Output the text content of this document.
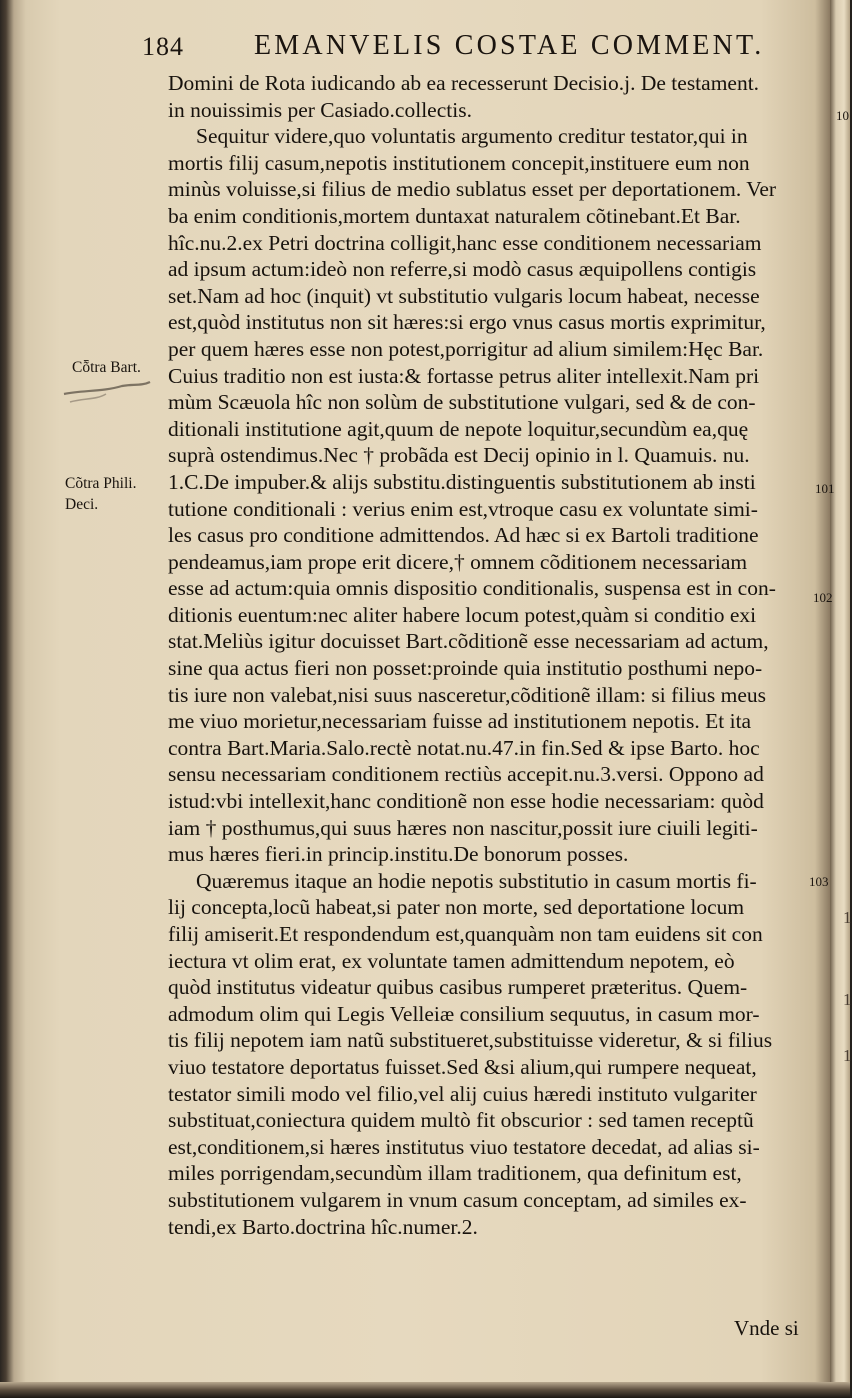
184	EMANVELIS COSTAE COMMENT.
Cȭtra Bart.
Cõtra Phili.
Deci.
10
101
102
103
1
1
1
Domini de Rota iudicando ab ea recesserunt Decisio.j. De testament.
in nouissimis per Casiado.collectis.
Sequitur videre,quo voluntatis argumento creditur testator,qui in
mortis filij casum,nepotis institutionem concepit,instituere eum non
minùs voluisse,si filius de medio sublatus esset per deportationem. Ver
ba enim conditionis,mortem duntaxat naturalem cõtinebant.Et Bar.
hîc.nu.2.ex Petri doctrina colligit,hanc esse conditionem necessariam
ad ipsum actum:ideò non referre,si modò casus æquipollens contigis
set.Nam ad hoc (inquit) vt substitutio vulgaris locum habeat, necesse
est,quòd institutus non sit hæres:si ergo vnus casus mortis exprimitur,
per quem hæres esse non potest,porrigitur ad alium similem:Hęc Bar.
Cuius traditio non est iusta:& fortasse petrus aliter intellexit.Nam pri
mùm Scæuola hîc non solùm de substitutione vulgari, sed & de con-
ditionali institutione agit,quum de nepote loquitur,secundùm ea,quę
suprà ostendimus.Nec † probãda est Decij opinio in l. Quamuis. nu.
1.C.De impuber.& alijs substitu.distinguentis substitutionem ab insti
tutione conditionali : verius enim est,vtroque casu ex voluntate simi-
les casus pro conditione admittendos. Ad hæc si ex Bartoli traditione
pendeamus,iam prope erit dicere,† omnem cõditionem necessariam
esse ad actum:quia omnis dispositio conditionalis, suspensa est in con-
ditionis euentum:nec aliter habere locum potest,quàm si conditio exi
stat.Meliùs igitur docuisset Bart.cõditionẽ esse necessariam ad actum,
sine qua actus fieri non posset:proinde quia institutio posthumi nepo-
tis iure non valebat,nisi suus nasceretur,cõditionẽ illam: si filius meus
me viuo morietur,necessariam fuisse ad institutionem nepotis. Et ita
contra Bart.Maria.Salo.rectè notat.nu.47.in fin.Sed & ipse Barto. hoc
sensu necessariam conditionem rectiùs accepit.nu.3.versi. Oppono ad
istud:vbi intellexit,hanc conditionẽ non esse hodie necessariam: quòd
iam † posthumus,qui suus hæres non nascitur,possit iure ciuili legiti-
mus hæres fieri.in princip.institu.De bonorum posses.
Quæremus itaque an hodie nepotis substitutio in casum mortis fi-
lij concepta,locũ habeat,si pater non morte, sed deportatione locum
filij amiserit.Et respondendum est,quanquàm non tam euidens sit con
iectura vt olim erat, ex voluntate tamen admittendum nepotem, eò
quòd institutus videatur quibus casibus rumperet præteritus. Quem-
admodum olim qui Legis Velleiæ consilium sequutus, in casum mor-
tis filij nepotem iam natũ substitueret,substituisse videretur, & si filius
viuo testatore deportatus fuisset.Sed &si alium,qui rumpere nequeat,
testator simili modo vel filio,vel alij cuius hæredi instituto vulgariter
substituat,coniectura quidem multò fit obscurior : sed tamen receptũ
est,conditionem,si hæres institutus viuo testatore decedat, ad alias si-
miles porrigendam,secundùm illam traditionem, qua definitum est,
substitutionem vulgarem in vnum casum conceptam, ad similes ex-
tendi,ex Barto.doctrina hîc.numer.2.
Vnde si
